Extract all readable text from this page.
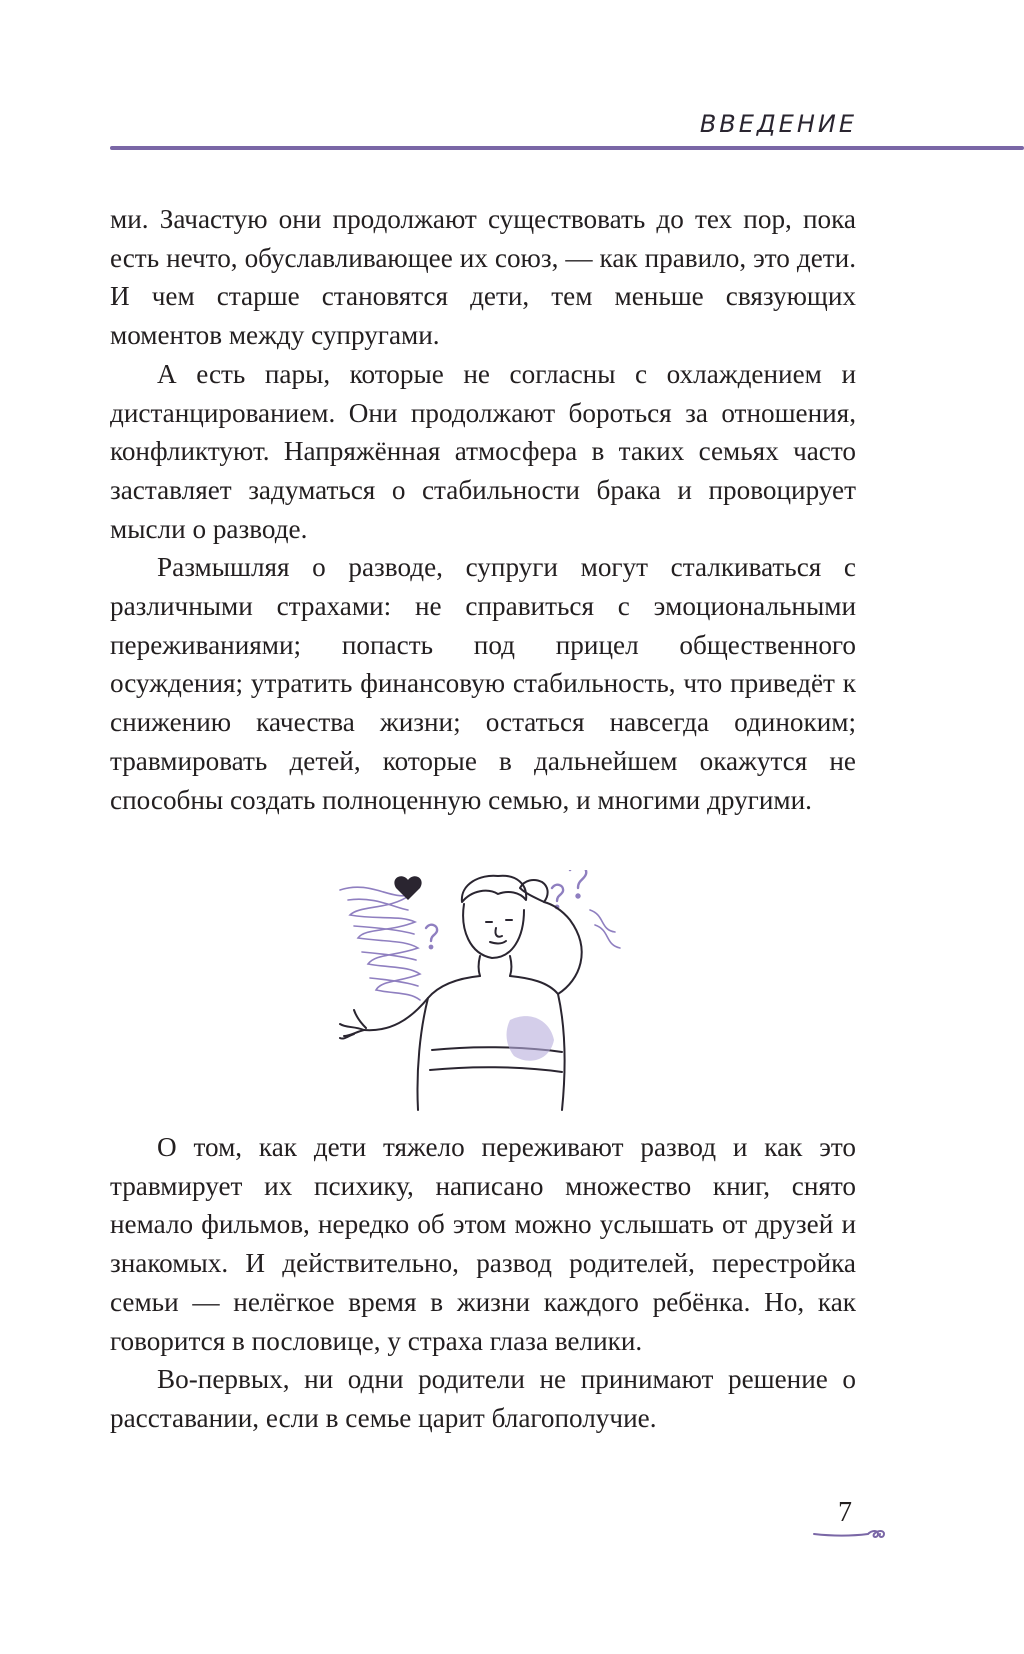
ВВЕДЕНИЕ

ми. Зачастую они продолжают существовать до тех пор, пока есть нечто, обуславливающее их союз, — как правило, это дети. И чем старше становятся дети, тем меньше связующих моментов между супругами.

А есть пары, которые не согласны с охлаждением и дистанцированием. Они продолжают бороться за отношения, конфликтуют. Напряжённая атмосфера в таких семьях часто заставляет задуматься о стабильности брака и провоцирует мысли о разводе.

Размышляя о разводе, супруги могут сталкиваться с различными страхами: не справиться с эмоциональными переживаниями; попасть под прицел общественного осуждения; утратить финансовую стабильность, что приведёт к снижению качества жизни; остаться навсегда одиноким; травмировать детей, которые в дальнейшем окажутся не способны создать полноценную семью, и многими другими.

О том, как дети тяжело переживают развод и как это травмирует их психику, написано множество книг, снято немало фильмов, нередко об этом можно услышать от друзей и знакомых. И действительно, развод родителей, перестройка семьи — нелёгкое время в жизни каждого ребёнка. Но, как говорится в пословице, у страха глаза велики.

Во-первых, ни одни родители не принимают решение о расставании, если в семье царит благополучие.

7
